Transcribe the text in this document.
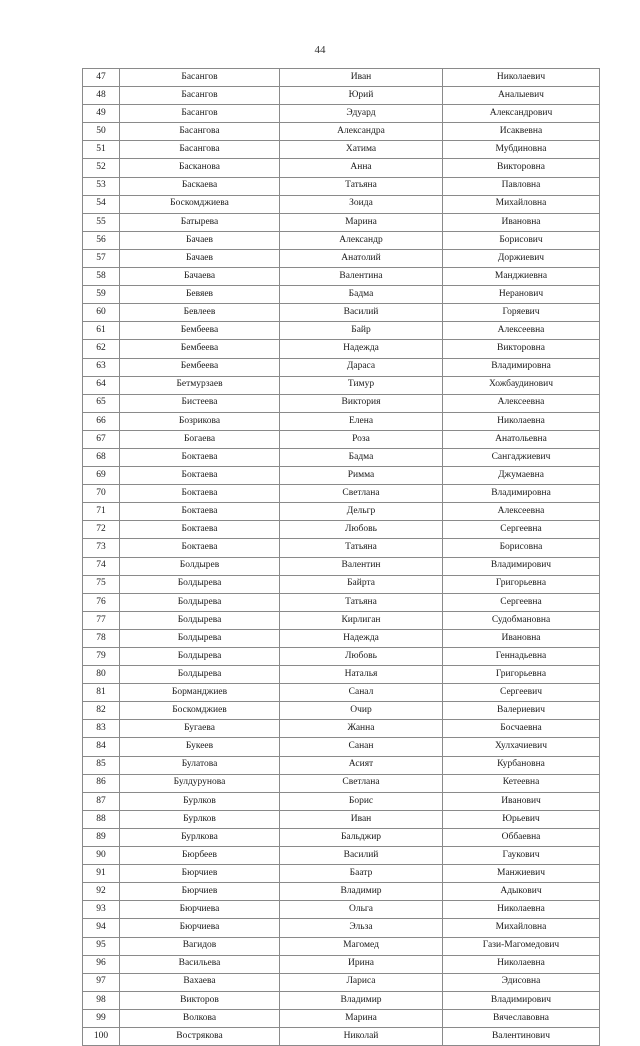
44
47	Басангов	Иван	Николаевич
48	Басангов	Юрий	Аналыевич
49	Басангов	Эдуард	Александрович
50	Басангова	Александра	Исаквевна
51	Басангова	Хатима	Мубдиновна
52	Басканова	Анна	Викторовна
53	Баскаева	Татьяна	Павловна
54	Боскомджиева	Зоида	Михайловна
55	Батырева	Марина	Ивановна
56	Бачаев	Александр	Борисович
57	Бачаев	Анатолий	Доржиевич
58	Бачаева	Валентина	Манджиевна
59	Бевяев	Бадма	Неранович
60	Бевлеев	Василий	Горяевич
61	Бембеева	Байр	Алексеевна
62	Бембеева	Надежда	Викторовна
63	Бембеева	Дараса	Владимировна
64	Бетмурзаев	Тимур	Хожбаудинович
65	Бистеева	Виктория	Алексеевна
66	Бозрикова	Елена	Николаевна
67	Богаева	Роза	Анатольевна
68	Боктаева	Бадма	Сангаджиевич
69	Боктаева	Римма	Джумаевна
70	Боктаева	Светлана	Владимировна
71	Боктаева	Дельгр	Алексеевна
72	Боктаева	Любовь	Сергеевна
73	Боктаева	Татьяна	Борисовна
74	Болдырев	Валентин	Владимирович
75	Болдырева	Байрта	Григорьевна
76	Болдырева	Татьяна	Сергеевна
77	Болдырева	Кирлиган	Судобмановна
78	Болдырева	Надежда	Ивановна
79	Болдырева	Любовь	Геннадьевна
80	Болдырева	Наталья	Григорьевна
81	Борманджиев	Санал	Сергеевич
82	Боскомджиев	Очир	Валериевич
83	Бугаева	Жанна	Босчаевна
84	Букеев	Санан	Хулхачиевич
85	Булатова	Асият	Курбановна
86	Булдурунова	Светлана	Кетеевна
87	Бурлков	Борис	Иванович
88	Бурлков	Иван	Юрьевич
89	Бурлкова	Бальджир	Оббаевна
90	Бюрбеев	Василий	Гаукович
91	Бюрчиев	Баатр	Манжиевич
92	Бюрчиев	Владимир	Адыкович
93	Бюрчиева	Ольга	Николаевна
94	Бюрчиева	Эльза	Михайловна
95	Вагидов	Магомед	Гази-Магомедович
96	Васильева	Ирина	Николаевна
97	Вахаева	Лариса	Эдисовна
98	Викторов	Владимир	Владимирович
99	Волкова	Марина	Вячеславовна
100	Вострякова	Николай	Валентинович
